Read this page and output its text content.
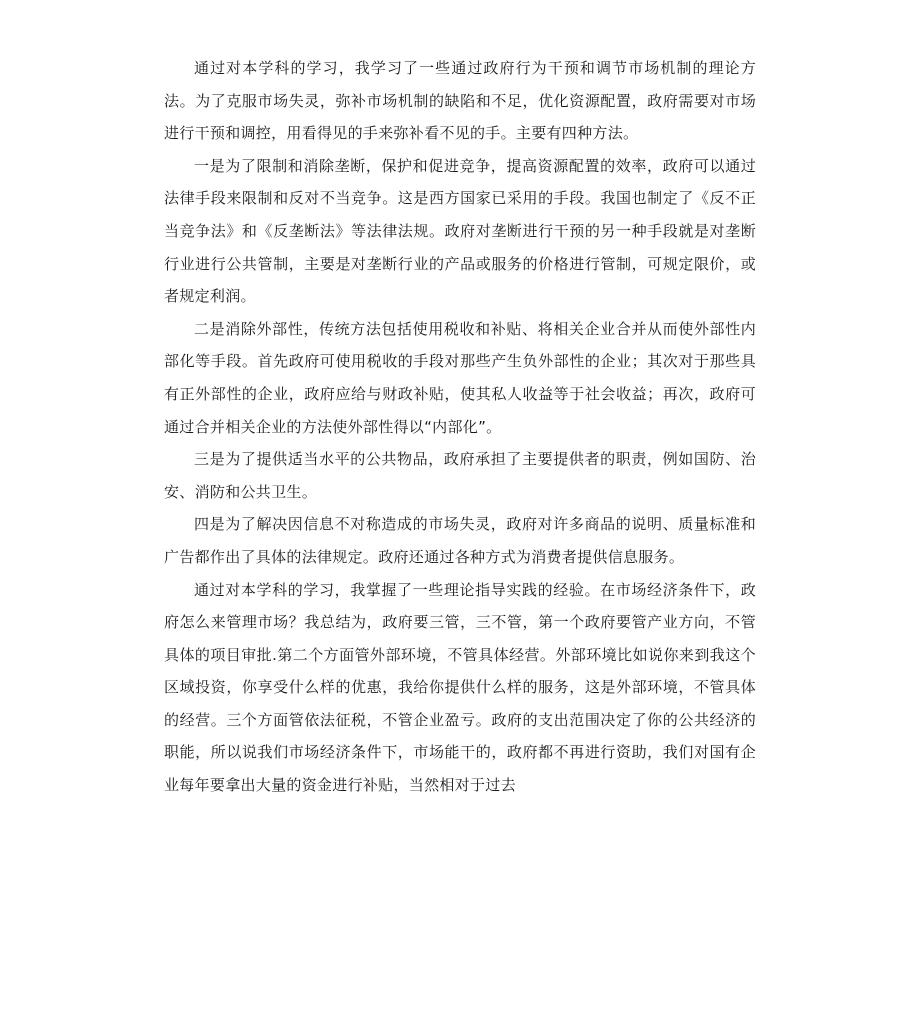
通过对本学科的学习，我学习了一些通过政府行为干预和调节市场机制的理论方法。为了克服市场失灵，弥补市场机制的缺陷和不足，优化资源配置，政府需要对市场进行干预和调控，用看得见的手来弥补看不见的手。主要有四种方法。

一是为了限制和消除垄断，保护和促进竞争，提高资源配置的效率，政府可以通过法律手段来限制和反对不当竞争。这是西方国家已采用的手段。我国也制定了《反不正当竞争法》和《反垄断法》等法律法规。政府对垄断进行干预的另一种手段就是对垄断行业进行公共管制，主要是对垄断行业的产品或服务的价格进行管制，可规定限价，或者规定利润。

二是消除外部性，传统方法包括使用税收和补贴、将相关企业合并从而使外部性内部化等手段。首先政府可使用税收的手段对那些产生负外部性的企业；其次对于那些具有正外部性的企业，政府应给与财政补贴，使其私人收益等于社会收益；再次，政府可通过合并相关企业的方法使外部性得以“内部化”。

三是为了提供适当水平的公共物品，政府承担了主要提供者的职责，例如国防、治安、消防和公共卫生。

四是为了解决因信息不对称造成的市场失灵，政府对许多商品的说明、质量标准和广告都作出了具体的法律规定。政府还通过各种方式为消费者提供信息服务。

通过对本学科的学习，我掌握了一些理论指导实践的经验。在市场经济条件下，政府怎么来管理市场？我总结为，政府要三管，三不管，第一个政府要管产业方向，不管具体的项目审批.第二个方面管外部环境，不管具体经营。外部环境比如说你来到我这个区域投资，你享受什么样的优惠，我给你提供什么样的服务，这是外部环境，不管具体的经营。三个方面管依法征税，不管企业盈亏。政府的支出范围决定了你的公共经济的职能，所以说我们市场经济条件下，市场能干的，政府都不再进行资助，我们对国有企业每年要拿出大量的资金进行补贴，当然相对于过去
